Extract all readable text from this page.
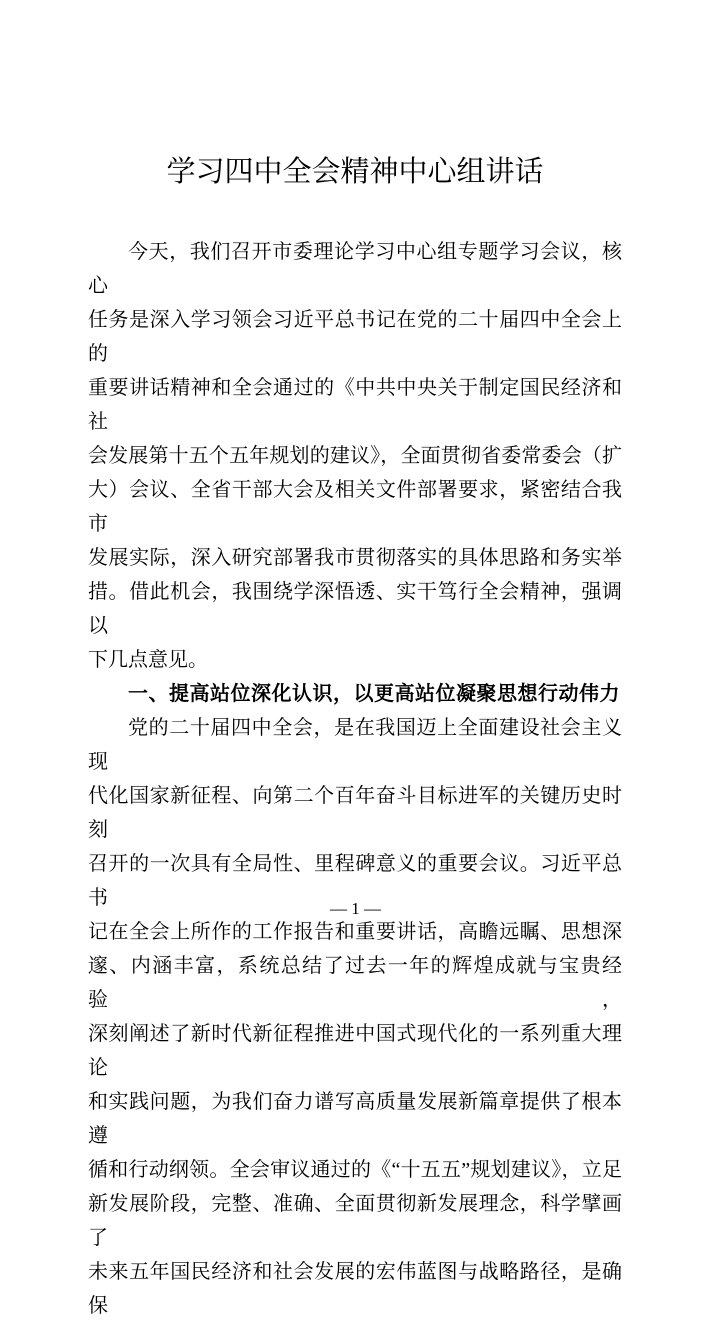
学习四中全会精神中心组讲话
今天，我们召开市委理论学习中心组专题学习会议，核心
任务是深入学习领会习近平总书记在党的二十届四中全会上的
重要讲话精神和全会通过的《中共中央关于制定国民经济和社
会发展第十五个五年规划的建议》，全面贯彻省委常委会（扩
大）会议、全省干部大会及相关文件部署要求，紧密结合我市
发展实际，深入研究部署我市贯彻落实的具体思路和务实举
措。借此机会，我围绕学深悟透、实干笃行全会精神，强调以
下几点意见。
一、提高站位深化认识，以更高站位凝聚思想行动伟力
党的二十届四中全会，是在我国迈上全面建设社会主义现
代化国家新征程、向第二个百年奋斗目标进军的关键历史时刻
召开的一次具有全局性、里程碑意义的重要会议。习近平总书
记在全会上所作的工作报告和重要讲话，高瞻远瞩、思想深
邃、内涵丰富，系统总结了过去一年的辉煌成就与宝贵经验，
深刻阐述了新时代新征程推进中国式现代化的一系列重大理论
和实践问题，为我们奋力谱写高质量发展新篇章提供了根本遵
循和行动纲领。全会审议通过的《“十五五”规划建议》，立足
新发展阶段，完整、准确、全面贯彻新发展理念，科学擘画了
未来五年国民经济和社会发展的宏伟蓝图与战略路径，是确保
— 1 —
